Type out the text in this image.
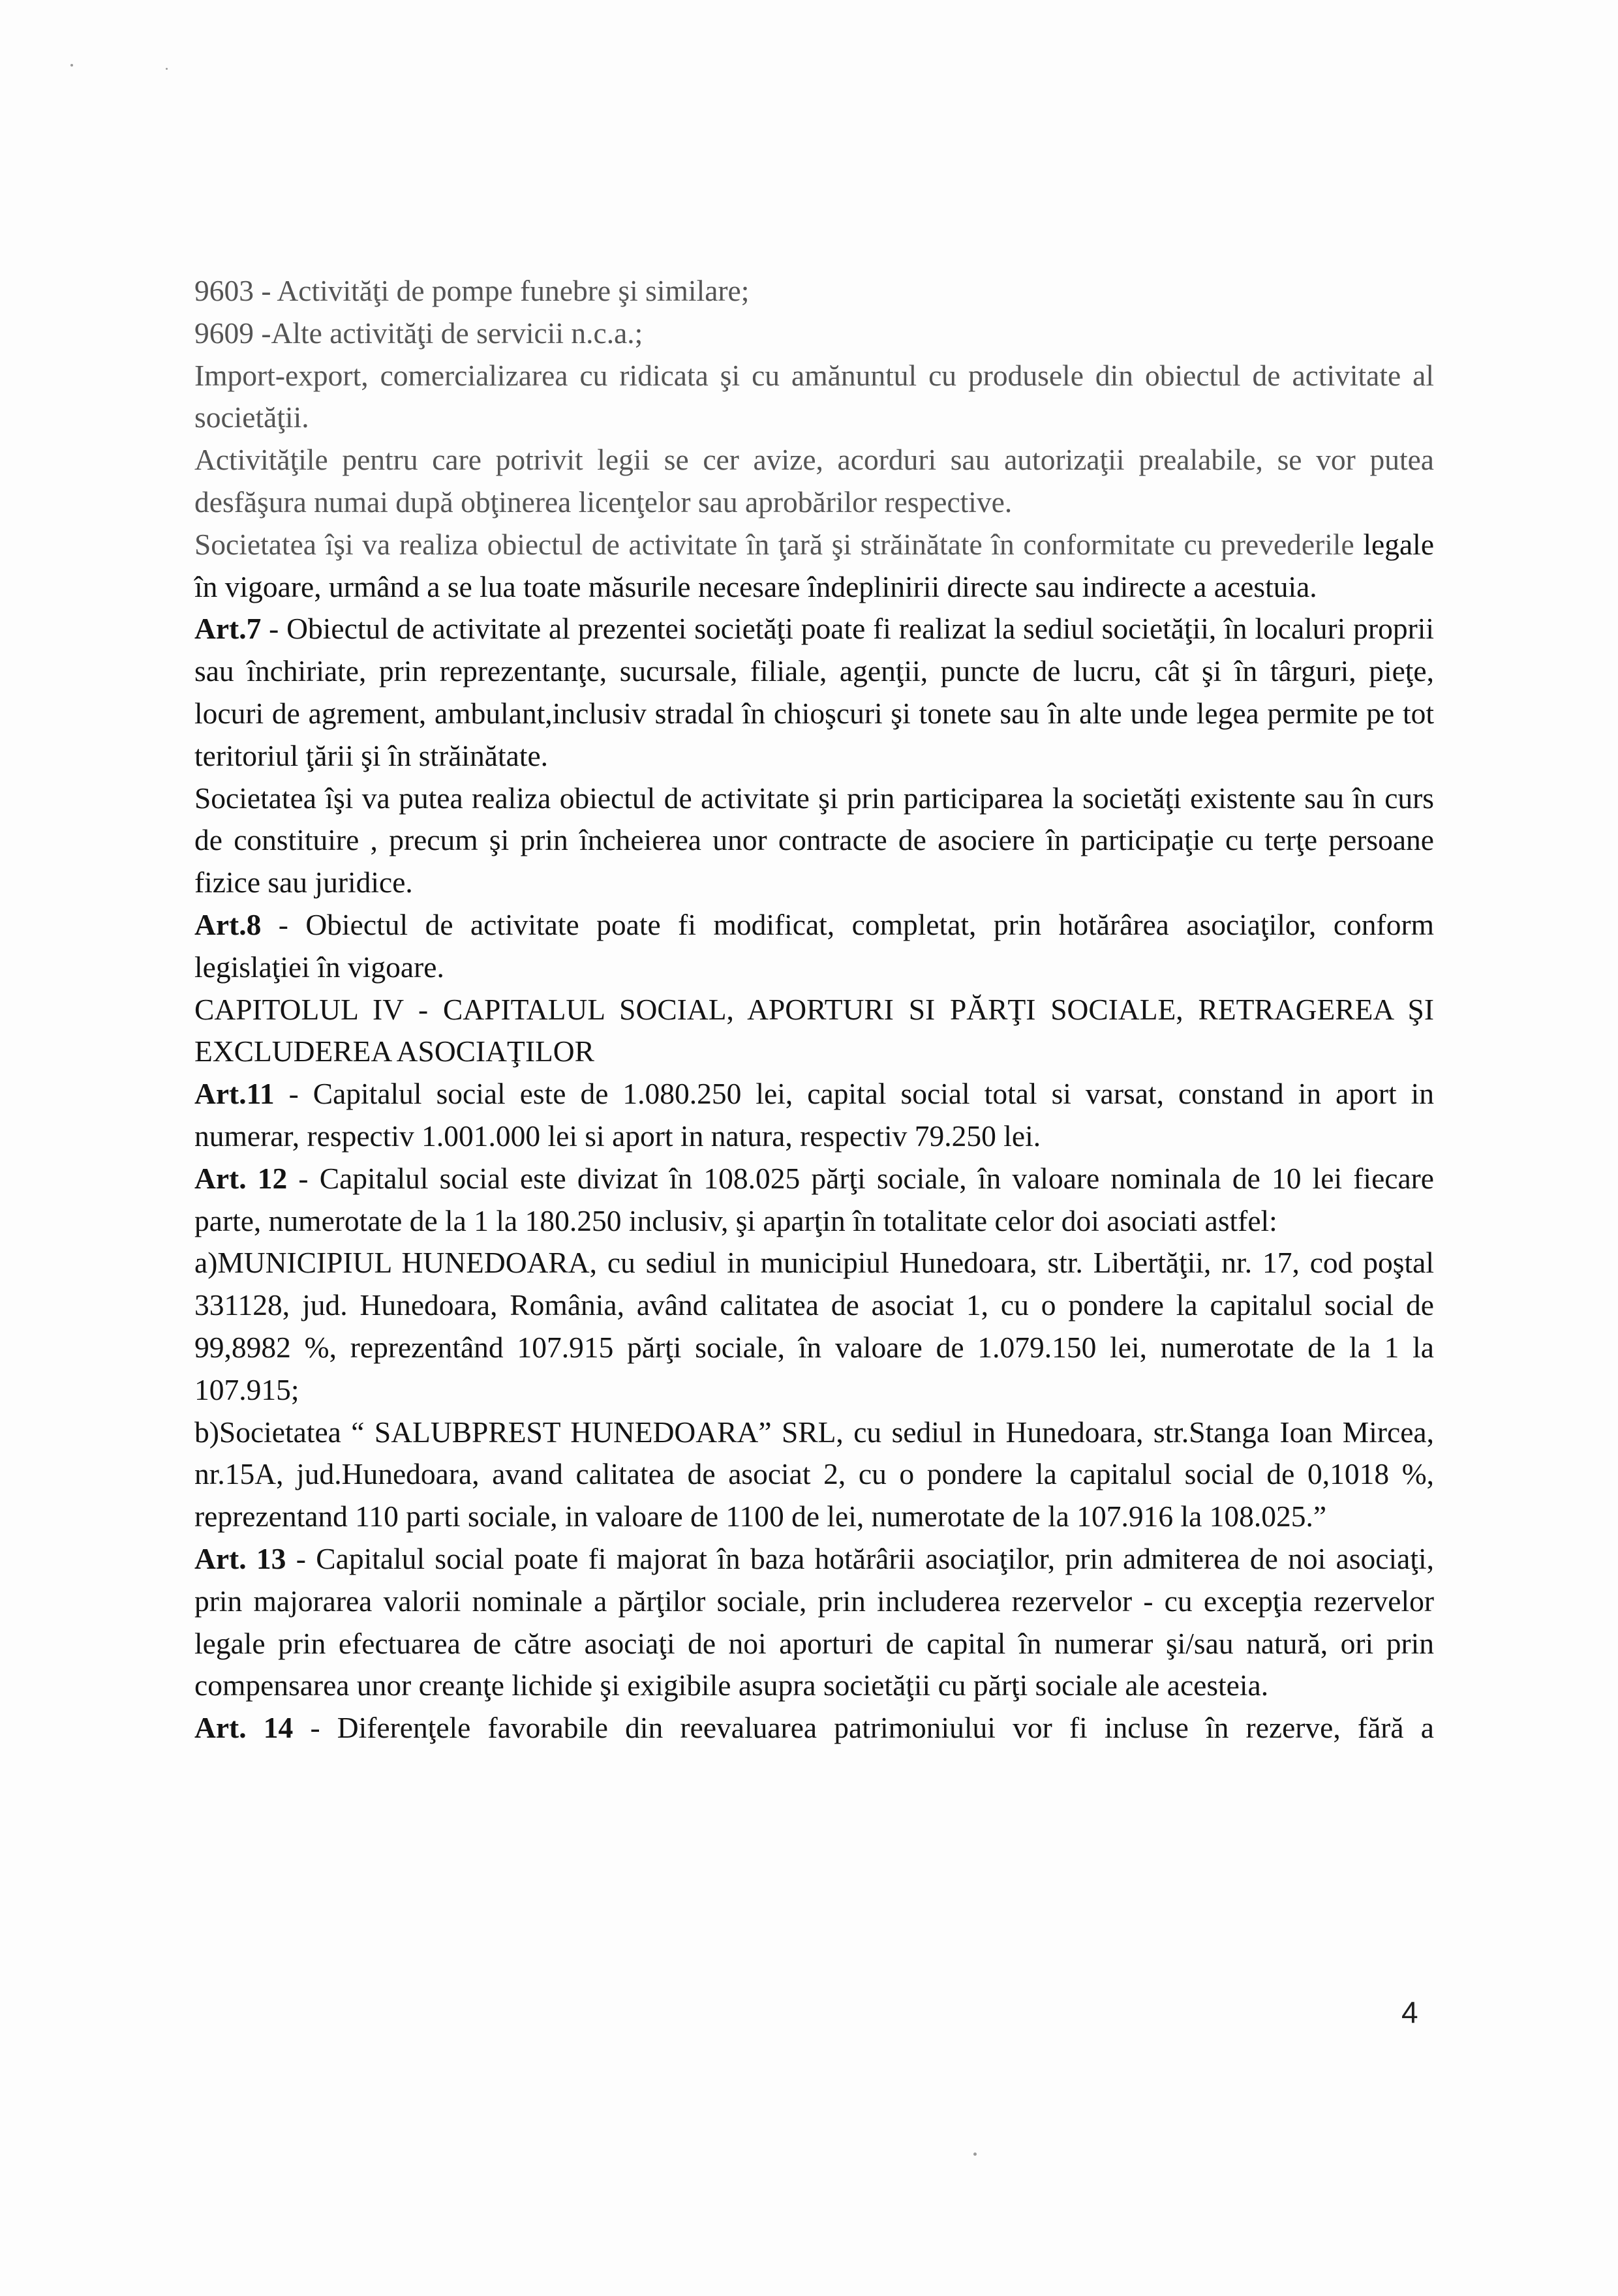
9603 - Activităţi de pompe funebre şi similare;

9609 -Alte activităţi de servicii n.c.a.;

Import-export, comercializarea cu ridicata şi cu amănuntul cu produsele din obiectul de activitate al societăţii.

Activităţile pentru care potrivit legii se cer avize, acorduri sau autorizaţii prealabile, se vor putea desfăşura numai după obţinerea licenţelor sau aprobărilor respective.

Societatea îşi va realiza obiectul de activitate în ţară şi străinătate în conformitate cu prevederile legale în vigoare, urmând a se lua toate măsurile necesare îndeplinirii directe sau indirecte a acestuia.

Art.7 - Obiectul de activitate al prezentei societăţi poate fi realizat la sediul societăţii, în localuri proprii sau închiriate, prin reprezentanţe, sucursale, filiale, agenţii, puncte de lucru, cât şi în târguri, pieţe, locuri de agrement, ambulant,inclusiv stradal în chioşcuri şi tonete sau în alte unde legea permite pe tot teritoriul ţării şi în străinătate.

Societatea îşi va putea realiza obiectul de activitate şi prin participarea la societăţi existente sau în curs de constituire , precum şi prin încheierea unor contracte de asociere în participaţie cu terţe persoane fizice sau juridice.

Art.8 - Obiectul de activitate poate fi modificat, completat, prin hotărârea asociaţilor, conform legislaţiei în vigoare.

CAPITOLUL IV - CAPITALUL SOCIAL, APORTURI SI PĂRŢI SOCIALE, RETRAGEREA ŞI EXCLUDEREA ASOCIAŢILOR

Art.11 - Capitalul social este de 1.080.250 lei, capital social total si varsat, constand in aport in numerar, respectiv 1.001.000 lei si aport in natura, respectiv 79.250 lei.

Art. 12 - Capitalul social este divizat în 108.025 părţi sociale, în valoare nominala de 10 lei fiecare parte, numerotate de la 1 la 180.250 inclusiv, şi aparţin în totalitate celor doi asociati astfel:

a)MUNICIPIUL HUNEDOARA, cu sediul in municipiul Hunedoara, str. Libertăţii, nr. 17, cod poştal 331128, jud. Hunedoara, România, având calitatea de asociat 1, cu o pondere la capitalul social de 99,8982 %, reprezentând 107.915 părţi sociale, în valoare de 1.079.150 lei, numerotate de la 1 la 107.915;

b)Societatea “ SALUBPREST HUNEDOARA” SRL, cu sediul in Hunedoara, str.Stanga Ioan Mircea, nr.15A, jud.Hunedoara, avand calitatea de asociat 2, cu o pondere la capitalul social de 0,1018 %, reprezentand 110 parti sociale, in valoare de 1100 de lei, numerotate de la 107.916 la 108.025.”

Art. 13 - Capitalul social poate fi majorat în baza hotărârii asociaţilor, prin admiterea de noi asociaţi, prin majorarea valorii nominale a părţilor sociale, prin includerea rezervelor - cu excepţia rezervelor legale prin efectuarea de către asociaţi de noi aporturi de capital în numerar şi/sau natură, ori prin compensarea unor creanţe lichide şi exigibile asupra societăţii cu părţi sociale ale acesteia.

Art. 14 - Diferenţele favorabile din reevaluarea patrimoniului vor fi incluse în rezerve, fără a

4
